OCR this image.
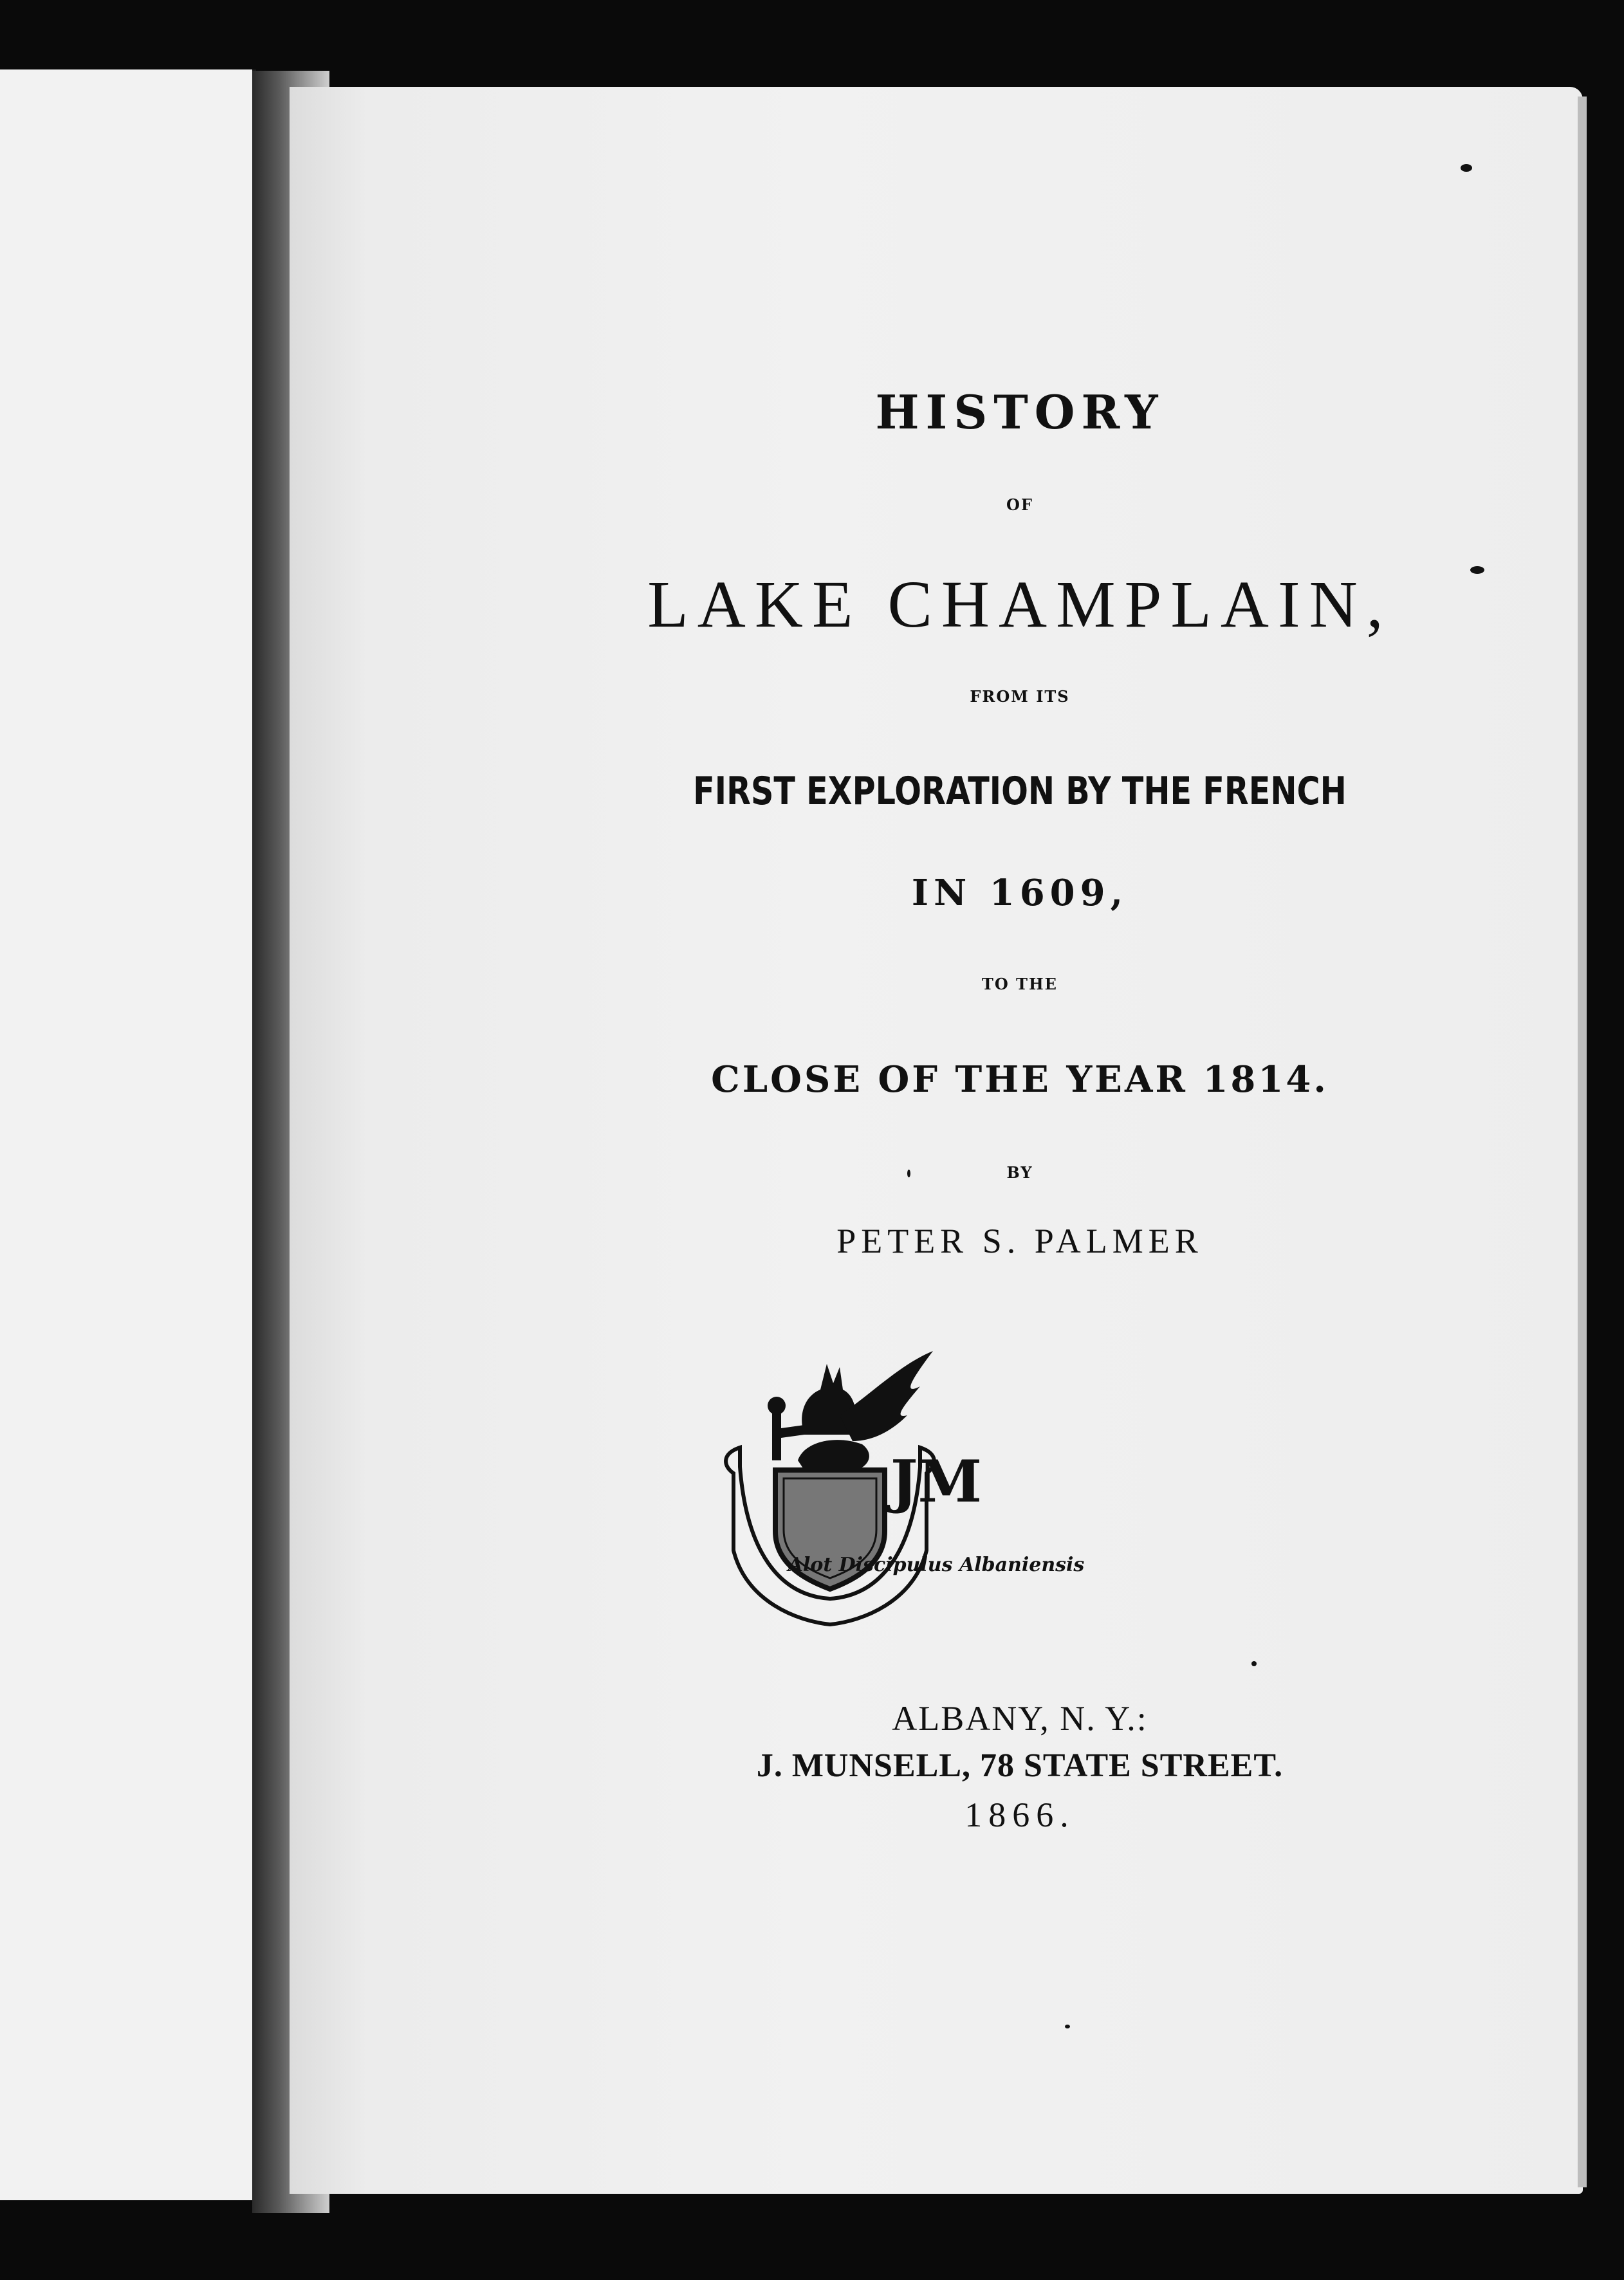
HISTORY

OF

LAKE CHAMPLAIN,

FROM ITS

FIRST EXPLORATION BY THE FRENCH

IN 1609,

TO THE

CLOSE OF THE YEAR 1814.

BY

PETER S. PALMER

JM
Alot Discipulus Albaniensis

ALBANY, N. Y.:

J. MUNSELL, 78 STATE STREET.

1866.
